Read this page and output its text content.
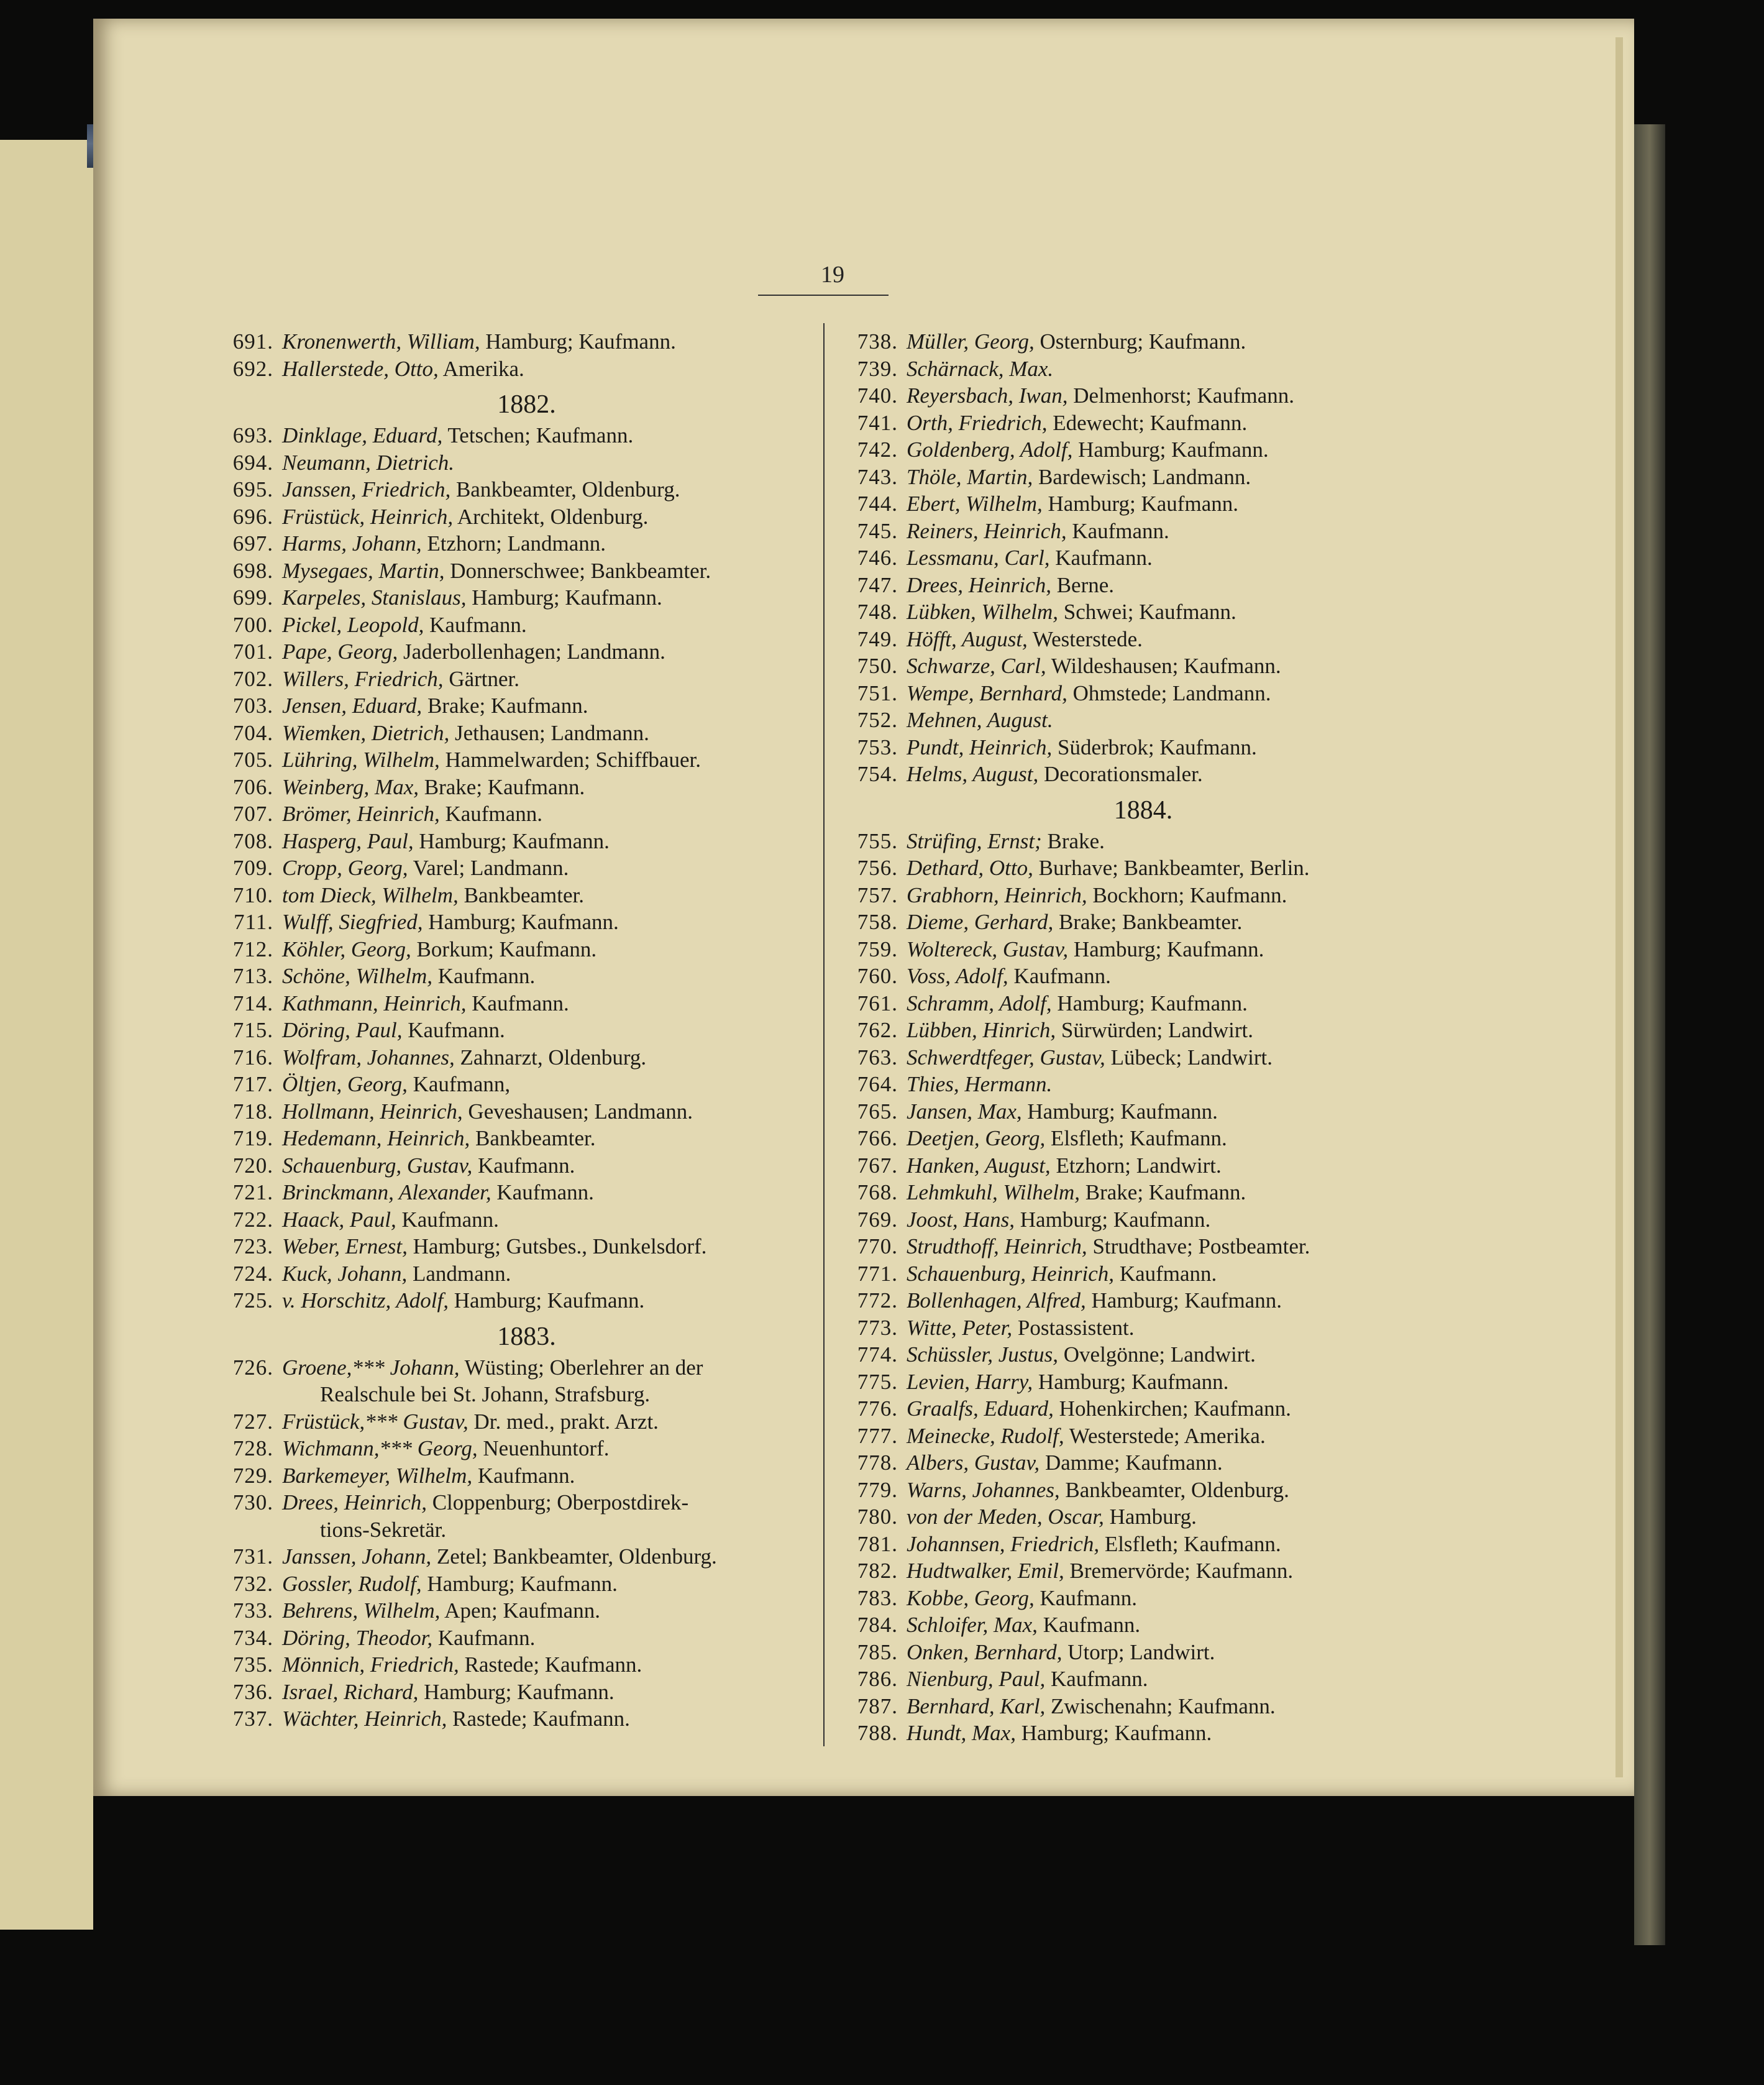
19
691. Kronenwerth, William, Hamburg; Kaufmann.
692. Hallerstede, Otto, Amerika.
1882.
693. Dinklage, Eduard, Tetschen; Kaufmann.
694. Neumann, Dietrich.
695. Janssen, Friedrich, Bankbeamter, Oldenburg.
696. Früstück, Heinrich, Architekt, Oldenburg.
697. Harms, Johann, Etzhorn; Landmann.
698. Mysegaes, Martin, Donnerschwee; Bankbeamter.
699. Karpeles, Stanislaus, Hamburg; Kaufmann.
700. Pickel, Leopold, Kaufmann.
701. Pape, Georg, Jaderbollenhagen; Landmann.
702. Willers, Friedrich, Gärtner.
703. Jensen, Eduard, Brake; Kaufmann.
704. Wiemken, Dietrich, Jethausen; Landmann.
705. Lühring, Wilhelm, Hammelwarden; Schiffbauer.
706. Weinberg, Max, Brake; Kaufmann.
707. Brömer, Heinrich, Kaufmann.
708. Hasperg, Paul, Hamburg; Kaufmann.
709. Cropp, Georg, Varel; Landmann.
710. tom Dieck, Wilhelm, Bankbeamter.
711. Wulff, Siegfried, Hamburg; Kaufmann.
712. Köhler, Georg, Borkum; Kaufmann.
713. Schöne, Wilhelm, Kaufmann.
714. Kathmann, Heinrich, Kaufmann.
715. Döring, Paul, Kaufmann.
716. Wolfram, Johannes, Zahnarzt, Oldenburg.
717. Öltjen, Georg, Kaufmann,
718. Hollmann, Heinrich, Geveshausen; Landmann.
719. Hedemann, Heinrich, Bankbeamter.
720. Schauenburg, Gustav, Kaufmann.
721. Brinckmann, Alexander, Kaufmann.
722. Haack, Paul, Kaufmann.
723. Weber, Ernest, Hamburg; Gutsbes., Dunkelsdorf.
724. Kuck, Johann, Landmann.
725. v. Horschitz, Adolf, Hamburg; Kaufmann.
1883.
726. Groene,*** Johann, Wüsting; Oberlehrer an der
Realschule bei St. Johann, Strafsburg.
727. Früstück,*** Gustav, Dr. med., prakt. Arzt.
728. Wichmann,*** Georg, Neuenhuntorf.
729. Barkemeyer, Wilhelm, Kaufmann.
730. Drees, Heinrich, Cloppenburg; Oberpostdirek-
tions-Sekretär.
731. Janssen, Johann, Zetel; Bankbeamter, Oldenburg.
732. Gossler, Rudolf, Hamburg; Kaufmann.
733. Behrens, Wilhelm, Apen; Kaufmann.
734. Döring, Theodor, Kaufmann.
735. Mönnich, Friedrich, Rastede; Kaufmann.
736. Israel, Richard, Hamburg; Kaufmann.
737. Wächter, Heinrich, Rastede; Kaufmann.
738. Müller, Georg, Osternburg; Kaufmann.
739. Schärnack, Max.
740. Reyersbach, Iwan, Delmenhorst; Kaufmann.
741. Orth, Friedrich, Edewecht; Kaufmann.
742. Goldenberg, Adolf, Hamburg; Kaufmann.
743. Thöle, Martin, Bardewisch; Landmann.
744. Ebert, Wilhelm, Hamburg; Kaufmann.
745. Reiners, Heinrich, Kaufmann.
746. Lessmanu, Carl, Kaufmann.
747. Drees, Heinrich, Berne.
748. Lübken, Wilhelm, Schwei; Kaufmann.
749. Höfft, August, Westerstede.
750. Schwarze, Carl, Wildeshausen; Kaufmann.
751. Wempe, Bernhard, Ohmstede; Landmann.
752. Mehnen, August.
753. Pundt, Heinrich, Süderbrok; Kaufmann.
754. Helms, August, Decorationsmaler.
1884.
755. Strüfing, Ernst; Brake.
756. Dethard, Otto, Burhave; Bankbeamter, Berlin.
757. Grabhorn, Heinrich, Bockhorn; Kaufmann.
758. Dieme, Gerhard, Brake; Bankbeamter.
759. Woltereck, Gustav, Hamburg; Kaufmann.
760. Voss, Adolf, Kaufmann.
761. Schramm, Adolf, Hamburg; Kaufmann.
762. Lübben, Hinrich, Sürwürden; Landwirt.
763. Schwerdtfeger, Gustav, Lübeck; Landwirt.
764. Thies, Hermann.
765. Jansen, Max, Hamburg; Kaufmann.
766. Deetjen, Georg, Elsfleth; Kaufmann.
767. Hanken, August, Etzhorn; Landwirt.
768. Lehmkuhl, Wilhelm, Brake; Kaufmann.
769. Joost, Hans, Hamburg; Kaufmann.
770. Strudthoff, Heinrich, Strudthave; Postbeamter.
771. Schauenburg, Heinrich, Kaufmann.
772. Bollenhagen, Alfred, Hamburg; Kaufmann.
773. Witte, Peter, Postassistent.
774. Schüssler, Justus, Ovelgönne; Landwirt.
775. Levien, Harry, Hamburg; Kaufmann.
776. Graalfs, Eduard, Hohenkirchen; Kaufmann.
777. Meinecke, Rudolf, Westerstede; Amerika.
778. Albers, Gustav, Damme; Kaufmann.
779. Warns, Johannes, Bankbeamter, Oldenburg.
780. von der Meden, Oscar, Hamburg.
781. Johannsen, Friedrich, Elsfleth; Kaufmann.
782. Hudtwalker, Emil, Bremervörde; Kaufmann.
783. Kobbe, Georg, Kaufmann.
784. Schloifer, Max, Kaufmann.
785. Onken, Bernhard, Utorp; Landwirt.
786. Nienburg, Paul, Kaufmann.
787. Bernhard, Karl, Zwischenahn; Kaufmann.
788. Hundt, Max, Hamburg; Kaufmann.
